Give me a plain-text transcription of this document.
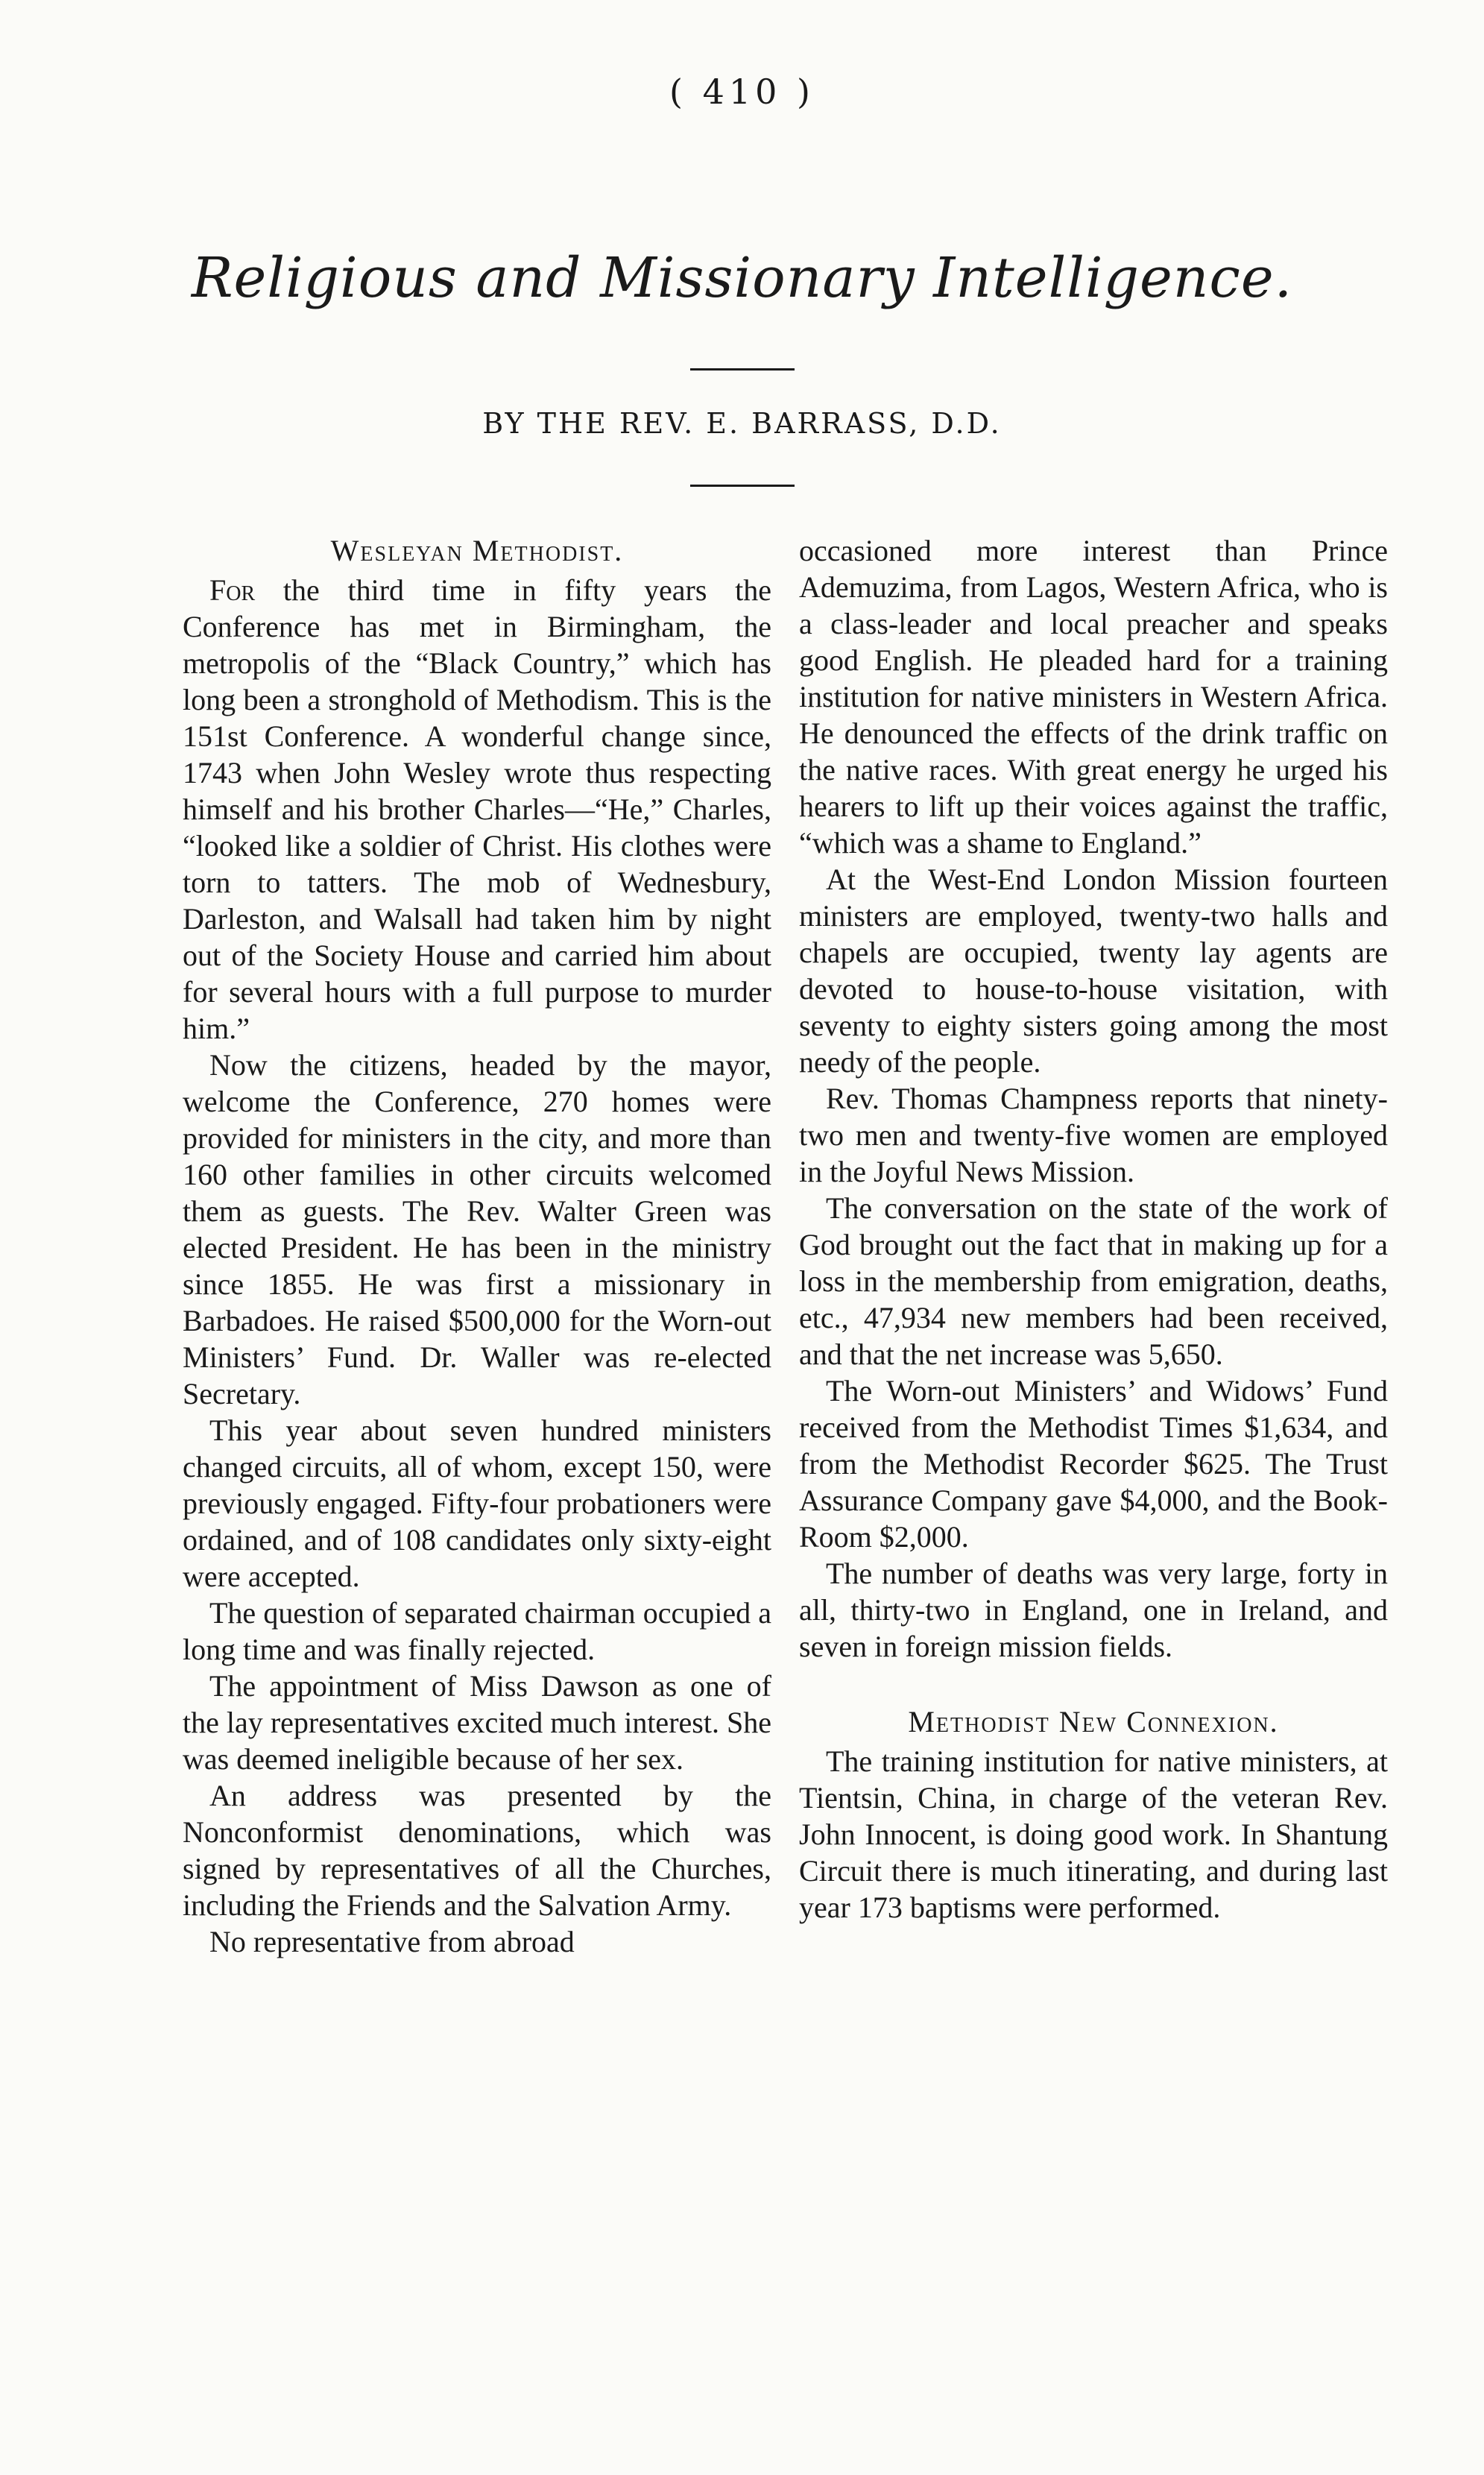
( 410 )
Religious and Missionary Intelligence.
BY THE REV. E. BARRASS, D.D.
Wesleyan Methodist.

For the third time in fifty years the Conference has met in Birmingham, the metropolis of the “Black Country,” which has long been a stronghold of Methodism. This is the 151st Conference. A wonderful change since, 1743 when John Wesley wrote thus respecting himself and his brother Charles—“He,” Charles, “looked like a soldier of Christ. His clothes were torn to tatters. The mob of Wednesbury, Darleston, and Walsall had taken him by night out of the Society House and carried him about for several hours with a full purpose to murder him.”

Now the citizens, headed by the mayor, welcome the Conference, 270 homes were provided for ministers in the city, and more than 160 other families in other circuits welcomed them as guests. The Rev. Walter Green was elected President. He has been in the ministry since 1855. He was first a missionary in Barbadoes. He raised $500,000 for the Worn-out Ministers’ Fund. Dr. Waller was re-elected Secretary.

This year about seven hundred ministers changed circuits, all of whom, except 150, were previously engaged. Fifty-four probationers were ordained, and of 108 candidates only sixty-eight were accepted.

The question of separated chairman occupied a long time and was finally rejected.

The appointment of Miss Dawson as one of the lay representatives excited much interest. She was deemed ineligible because of her sex.

An address was presented by the Nonconformist denominations, which was signed by representatives of all the Churches, including the Friends and the Salvation Army.

No representative from abroad

occasioned more interest than Prince Ademuzima, from Lagos, Western Africa, who is a class-leader and local preacher and speaks good English. He pleaded hard for a training institution for native ministers in Western Africa. He denounced the effects of the drink traffic on the native races. With great energy he urged his hearers to lift up their voices against the traffic, “which was a shame to England.”

At the West-End London Mission fourteen ministers are employed, twenty-two halls and chapels are occupied, twenty lay agents are devoted to house-to-house visitation, with seventy to eighty sisters going among the most needy of the people.

Rev. Thomas Champness reports that ninety-two men and twenty-five women are employed in the Joyful News Mission.

The conversation on the state of the work of God brought out the fact that in making up for a loss in the membership from emigration, deaths, etc., 47,934 new members had been received, and that the net increase was 5,650.

The Worn-out Ministers’ and Widows’ Fund received from the Methodist Times $1,634, and from the Methodist Recorder $625. The Trust Assurance Company gave $4,000, and the Book-Room $2,000.

The number of deaths was very large, forty in all, thirty-two in England, one in Ireland, and seven in foreign mission fields.

Methodist New Connexion.

The training institution for native ministers, at Tientsin, China, in charge of the veteran Rev. John Innocent, is doing good work. In Shantung Circuit there is much itinerating, and during last year 173 baptisms were performed.
